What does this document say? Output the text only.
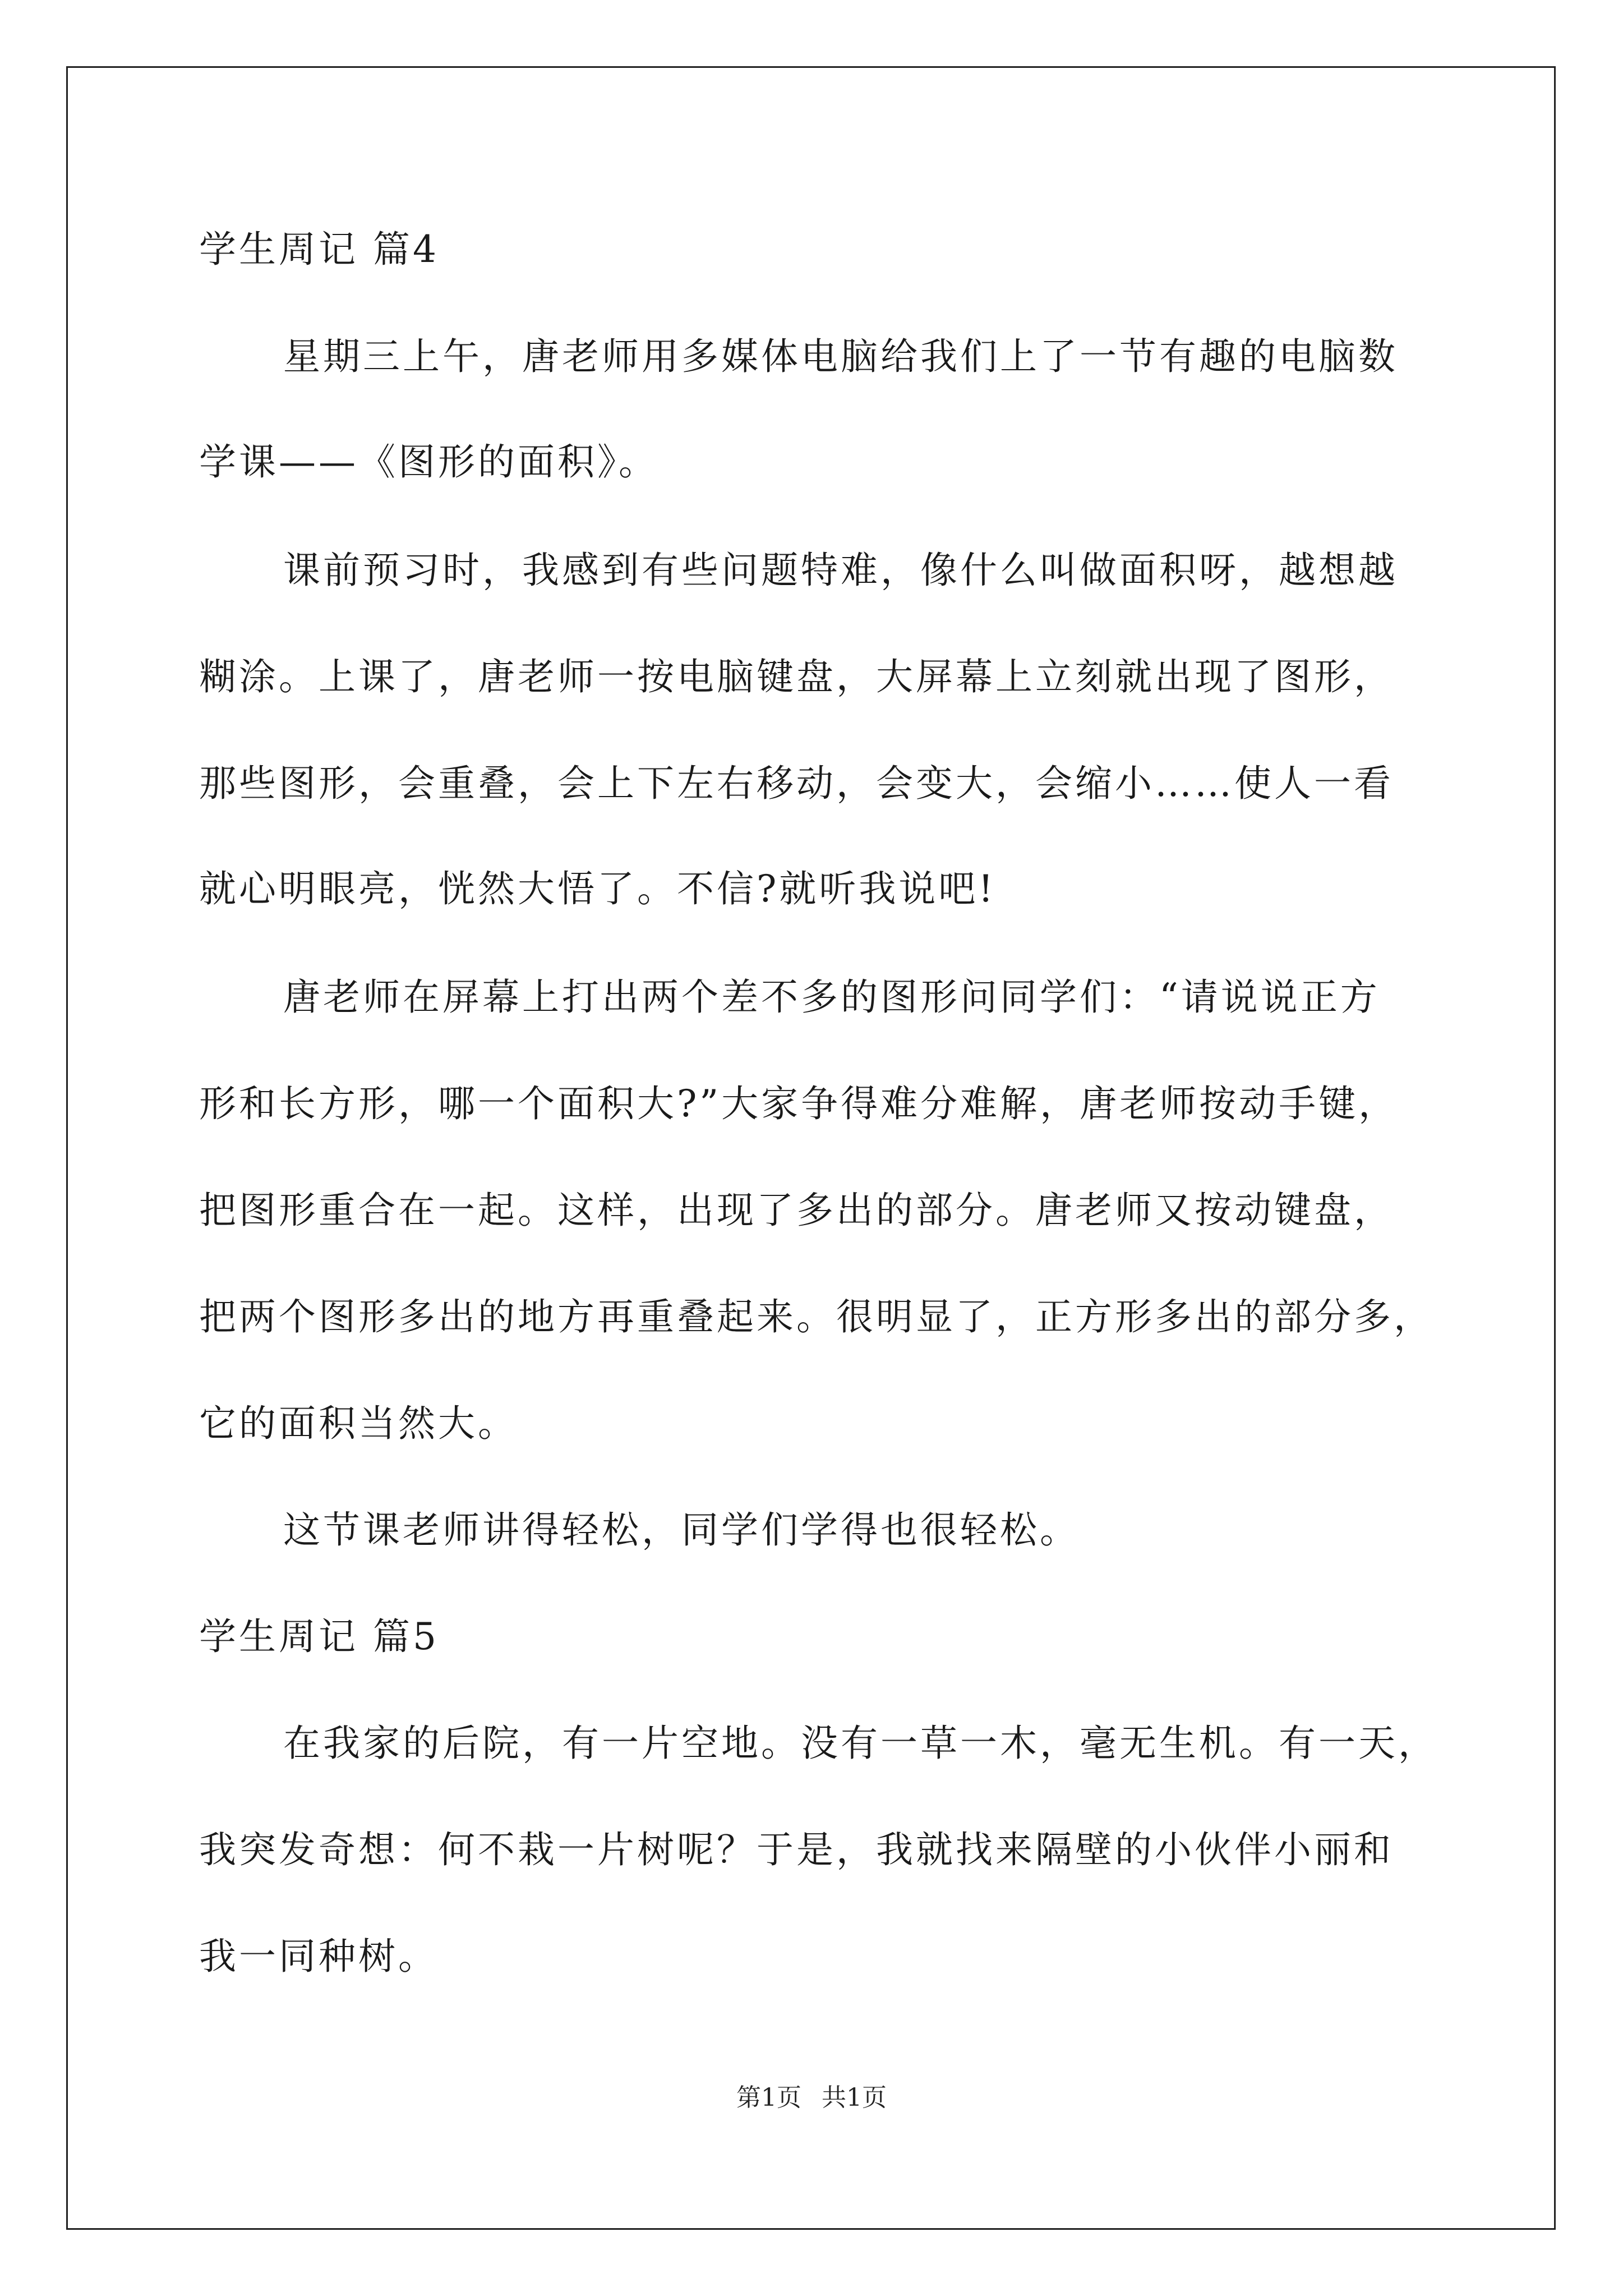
学生周记 篇4
星期三上午，唐老师用多媒体电脑给我们上了一节有趣的电脑数
学课——《图形的面积》。
课前预习时，我感到有些问题特难，像什么叫做面积呀，越想越
糊涂。上课了，唐老师一按电脑键盘，大屏幕上立刻就出现了图形，
那些图形，会重叠，会上下左右移动，会变大，会缩小……使人一看
就心明眼亮，恍然大悟了。不信?就听我说吧!
唐老师在屏幕上打出两个差不多的图形问同学们：“请说说正方
形和长方形，哪一个面积大?”大家争得难分难解，唐老师按动手键，
把图形重合在一起。这样，出现了多出的部分。唐老师又按动键盘，
把两个图形多出的地方再重叠起来。很明显了，正方形多出的部分多，
它的面积当然大。
这节课老师讲得轻松，同学们学得也很轻松。
学生周记 篇5
在我家的后院，有一片空地。没有一草一木，毫无生机。有一天，
我突发奇想：何不栽一片树呢？于是，我就找来隔壁的小伙伴小丽和
我一同种树。
第1页 共1页
